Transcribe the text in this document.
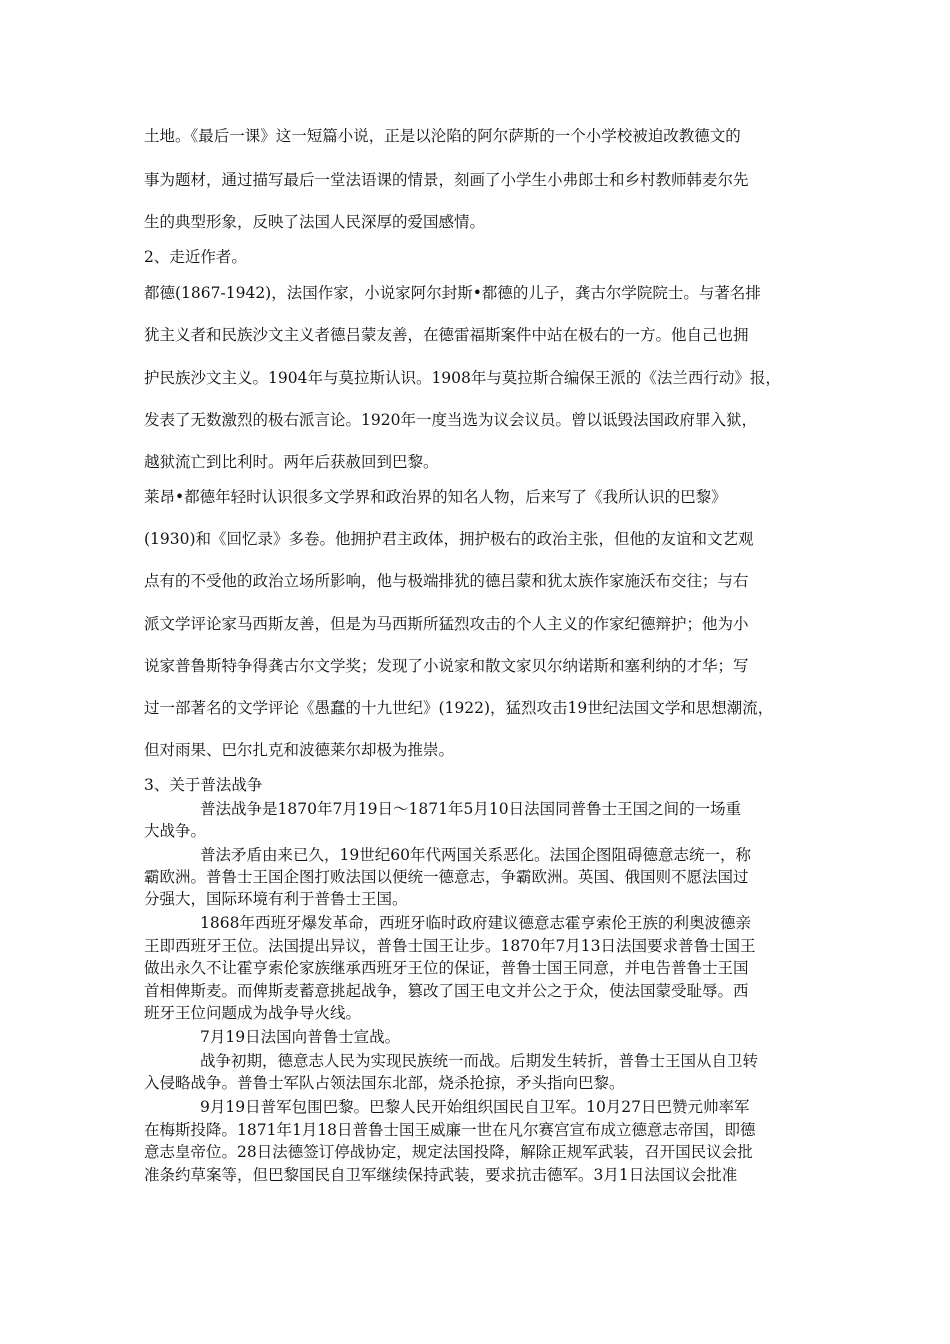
土地。《最后一课》这一短篇小说，正是以沦陷的阿尔萨斯的一个小学校被迫改教德文的
事为题材，通过描写最后一堂法语课的情景，刻画了小学生小弗郎士和乡村教师韩麦尔先
生的典型形象，反映了法国人民深厚的爱国感情。
2、走近作者。
都德(1867-1942)，法国作家，小说家阿尔封斯•都德的儿子，龚古尔学院院士。与著名排
犹主义者和民族沙文主义者德吕蒙友善，在德雷福斯案件中站在极右的一方。他自己也拥
护民族沙文主义。1904年与莫拉斯认识。1908年与莫拉斯合编保王派的《法兰西行动》报，
发表了无数激烈的极右派言论。1920年一度当选为议会议员。曾以诋毁法国政府罪入狱，
越狱流亡到比利时。两年后获赦回到巴黎。
莱昂•都德年轻时认识很多文学界和政治界的知名人物，后来写了《我所认识的巴黎》
(1930)和《回忆录》多卷。他拥护君主政体，拥护极右的政治主张，但他的友谊和文艺观
点有的不受他的政治立场所影响，他与极端排犹的德吕蒙和犹太族作家施沃布交往；与右
派文学评论家马西斯友善，但是为马西斯所猛烈攻击的个人主义的作家纪德辩护；他为小
说家普鲁斯特争得龚古尔文学奖；发现了小说家和散文家贝尔纳诺斯和塞利纳的才华；写
过一部著名的文学评论《愚蠢的十九世纪》(1922)，猛烈攻击19世纪法国文学和思想潮流，
但对雨果、巴尔扎克和波德莱尔却极为推崇。
3、关于普法战争
普法战争是1870年7月19日～1871年5月10日法国同普鲁士王国之间的一场重
大战争。
普法矛盾由来已久，19世纪60年代两国关系恶化。法国企图阻碍德意志统一，称
霸欧洲。普鲁士王国企图打败法国以便统一德意志，争霸欧洲。英国、俄国则不愿法国过
分强大，国际环境有利于普鲁士王国。
1868年西班牙爆发革命，西班牙临时政府建议德意志霍亨索伦王族的利奥波德亲
王即西班牙王位。法国提出异议，普鲁士国王让步。1870年7月13日法国要求普鲁士国王
做出永久不让霍亨索伦家族继承西班牙王位的保证，普鲁士国王同意，并电告普鲁士王国
首相俾斯麦。而俾斯麦蓄意挑起战争，篡改了国王电文并公之于众，使法国蒙受耻辱。西
班牙王位问题成为战争导火线。
7月19日法国向普鲁士宣战。
战争初期，德意志人民为实现民族统一而战。后期发生转折，普鲁士王国从自卫转
入侵略战争。普鲁士军队占领法国东北部，烧杀抢掠，矛头指向巴黎。
9月19日普军包围巴黎。巴黎人民开始组织国民自卫军。10月27日巴赞元帅率军
在梅斯投降。1871年1月18日普鲁士国王威廉一世在凡尔赛宫宣布成立德意志帝国，即德
意志皇帝位。28日法德签订停战协定，规定法国投降，解除正规军武装，召开国民议会批
准条约草案等，但巴黎国民自卫军继续保持武装，要求抗击德军。3月1日法国议会批准
